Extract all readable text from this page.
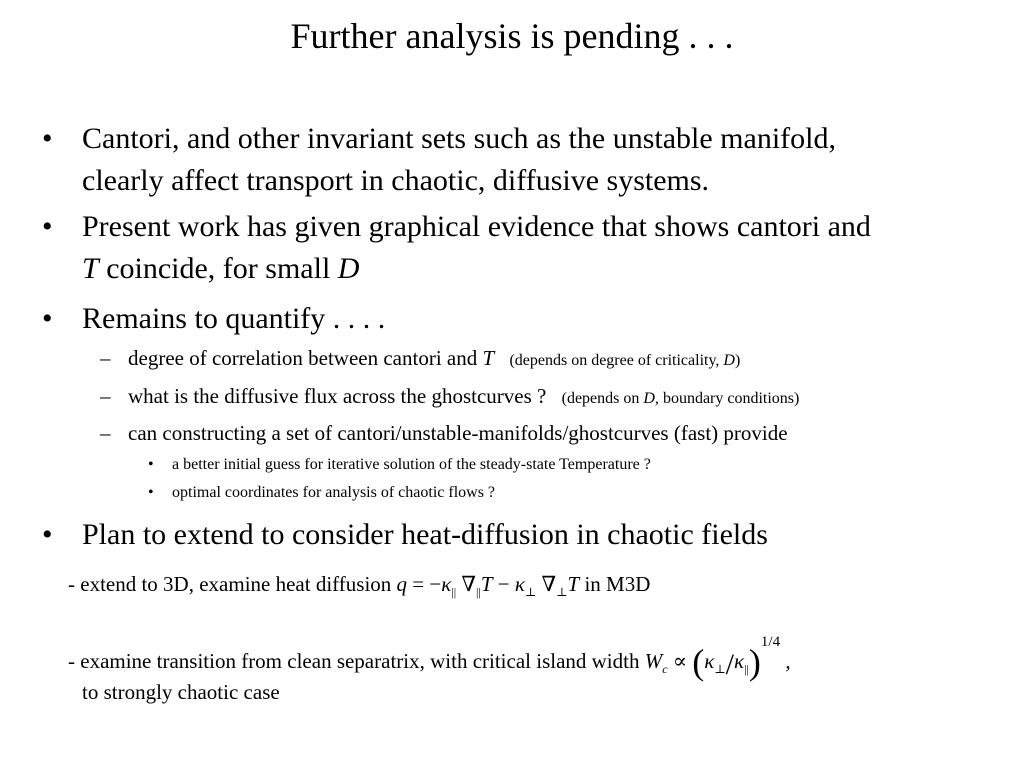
Further analysis is pending . . .
• Cantori, and other invariant sets such as the unstable manifold,
clearly affect transport in chaotic, diffusive systems.
• Present work has given graphical evidence that shows cantori and
T coincide, for small D
• Remains to quantify . . . .
– degree of correlation between cantori and T (depends on degree of criticality, D)
– what is the diffusive flux across the ghostcurves ? (depends on D, boundary conditions)
– can constructing a set of cantori/unstable-manifolds/ghostcurves (fast) provide
• a better initial guess for iterative solution of the steady-state Temperature ?
• optimal coordinates for analysis of chaotic flows ?
• Plan to extend to consider heat-diffusion in chaotic fields
- extend to 3D, examine heat diffusion $q = -\kappa_{||}$ $\nabla_{||}T - \kappa_\perp$ $\nabla_\perp T$ in M3D
- examine transition from clean separatrix, with critical island width $W_c \propto (\kappa_\perp/\kappa_{||})^{1/4}$ ,
to strongly chaotic case
